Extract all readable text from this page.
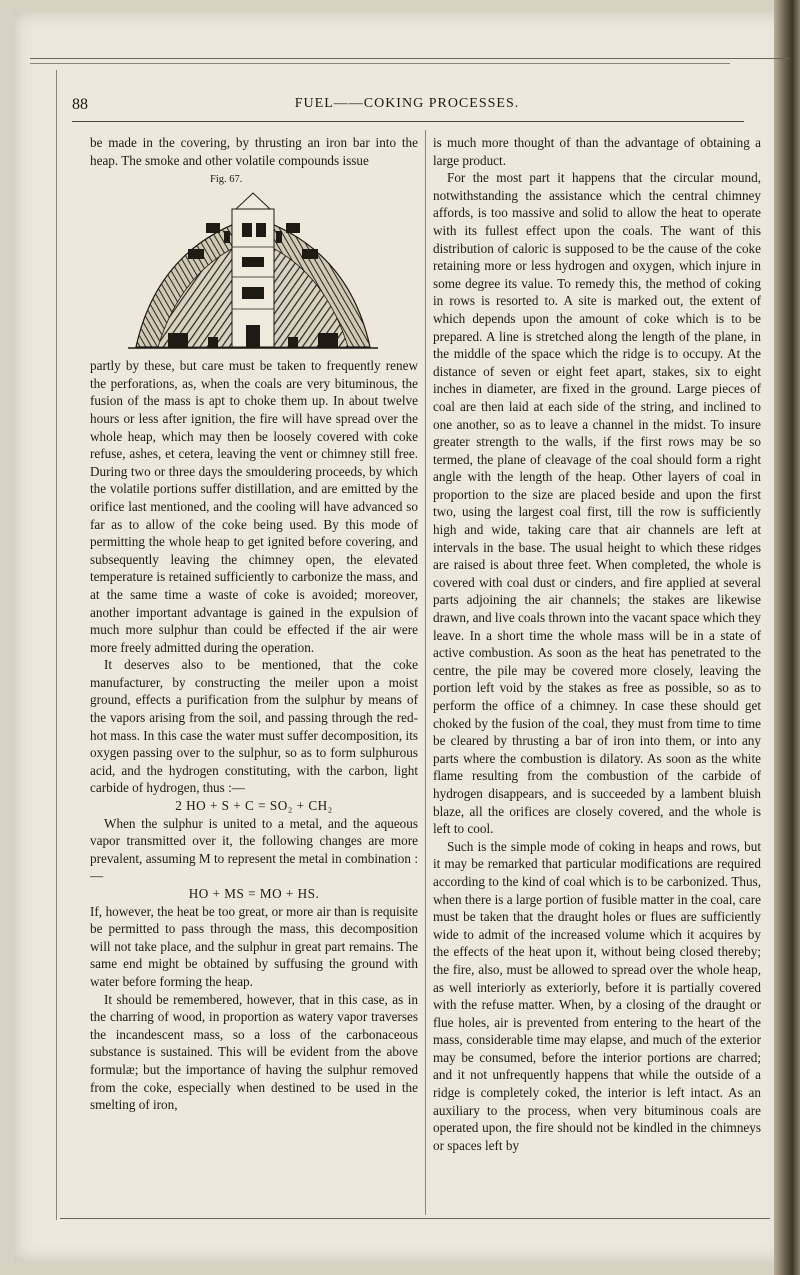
88	FUEL——COKING PROCESSES.

be made in the covering, by thrusting an iron bar into the heap. The smoke and other volatile compounds issue

Fig. 67.

partly by these, but care must be taken to frequently renew the perforations, as, when the coals are very bituminous, the fusion of the mass is apt to choke them up. In about twelve hours or less after ignition, the fire will have spread over the whole heap, which may then be loosely covered with coke refuse, ashes, et cetera, leaving the vent or chimney still free. During two or three days the smouldering proceeds, by which the volatile portions suffer distillation, and are emitted by the orifice last mentioned, and the cooling will have advanced so far as to allow of the coke being used. By this mode of permitting the whole heap to get ignited before covering, and subsequently leaving the chimney open, the elevated temperature is retained sufficiently to carbonize the mass, and at the same time a waste of coke is avoided; moreover, another important advantage is gained in the expulsion of much more sulphur than could be effected if the air were more freely admitted during the operation.

It deserves also to be mentioned, that the coke manufacturer, by constructing the meiler upon a moist ground, effects a purification from the sulphur by means of the vapors arising from the soil, and passing through the red-hot mass. In this case the water must suffer decomposition, its oxygen passing over to the sulphur, so as to form sulphurous acid, and the hydrogen constituting, with the carbon, light carbide of hydrogen, thus :—

2 HO + S + C = SO₂ + CH₂

When the sulphur is united to a metal, and the aqueous vapor transmitted over it, the following changes are more prevalent, assuming M to represent the metal in combination :—

HO + MS = MO + HS.

If, however, the heat be too great, or more air than is requisite be permitted to pass through the mass, this decomposition will not take place, and the sulphur in great part remains. The same end might be obtained by suffusing the ground with water before forming the heap.

It should be remembered, however, that in this case, as in the charring of wood, in proportion as watery vapor traverses the incandescent mass, so a loss of the carbonaceous substance is sustained. This will be evident from the above formulæ; but the importance of having the sulphur removed from the coke, especially when destined to be used in the smelting of iron,

is much more thought of than the advantage of obtaining a large product.

For the most part it happens that the circular mound, notwithstanding the assistance which the central chimney affords, is too massive and solid to allow the heat to operate with its fullest effect upon the coals. The want of this distribution of caloric is supposed to be the cause of the coke retaining more or less hydrogen and oxygen, which injure in some degree its value. To remedy this, the method of coking in rows is resorted to. A site is marked out, the extent of which depends upon the amount of coke which is to be prepared. A line is stretched along the length of the plane, in the middle of the space which the ridge is to occupy. At the distance of seven or eight feet apart, stakes, six to eight inches in diameter, are fixed in the ground. Large pieces of coal are then laid at each side of the string, and inclined to one another, so as to leave a channel in the midst. To insure greater strength to the walls, if the first rows may be so termed, the plane of cleavage of the coal should form a right angle with the length of the heap. Other layers of coal in proportion to the size are placed beside and upon the first two, using the largest coal first, till the row is sufficiently high and wide, taking care that air channels are left at intervals in the base. The usual height to which these ridges are raised is about three feet. When completed, the whole is covered with coal dust or cinders, and fire applied at several parts adjoining the air channels; the stakes are likewise drawn, and live coals thrown into the vacant space which they leave. In a short time the whole mass will be in a state of active combustion. As soon as the heat has penetrated to the centre, the pile may be covered more closely, leaving the portion left void by the stakes as free as possible, so as to perform the office of a chimney. In case these should get choked by the fusion of the coal, they must from time to time be cleared by thrusting a bar of iron into them, or into any parts where the combustion is dilatory. As soon as the white flame resulting from the combustion of the carbide of hydrogen disappears, and is succeeded by a lambent bluish blaze, all the orifices are closely covered, and the whole is left to cool.

Such is the simple mode of coking in heaps and rows, but it may be remarked that particular modifications are required according to the kind of coal which is to be carbonized. Thus, when there is a large portion of fusible matter in the coal, care must be taken that the draught holes or flues are sufficiently wide to admit of the increased volume which it acquires by the effects of the heat upon it, without being closed thereby; the fire, also, must be allowed to spread over the whole heap, as well interiorly as exteriorly, before it is partially covered with the refuse matter. When, by a closing of the draught or flue holes, air is prevented from entering to the heart of the mass, considerable time may elapse, and much of the exterior may be consumed, before the interior portions are charred; and it not unfrequently happens that while the outside of a ridge is completely coked, the interior is left intact. As an auxiliary to the process, when very bituminous coals are operated upon, the fire should not be kindled in the chimneys or spaces left by
